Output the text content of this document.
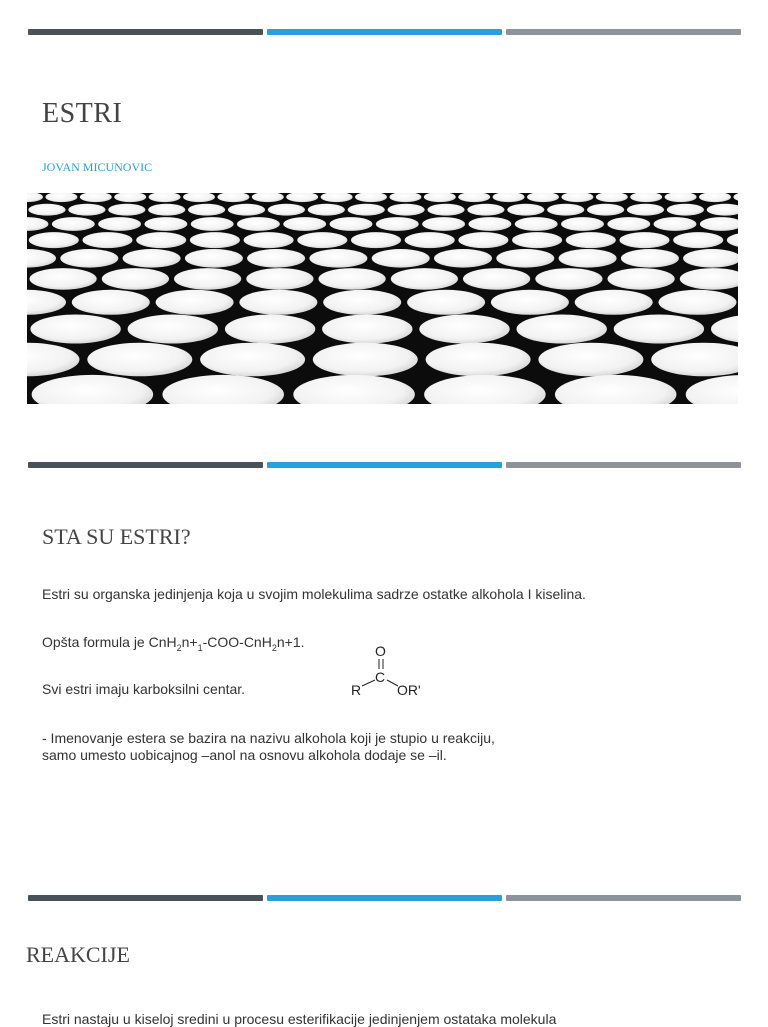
ESTRI
JOVAN MICUNOVIC
STA SU ESTRI?
Estri su organska jedinjenja koja u svojim molekulima sadrze ostatke alkohola I kiselina.
Opšta formula je $CnH_2n+_1-COO-CnH_2n+1$.
Svi estri imaju karboksilni centar.
O
C
R	OR'
- Imenovanje estera se bazira na nazivu alkohola koji je stupio u reakciju,
samo umesto uobicajnog –anol na osnovu alkohola dodaje se –il.
REAKCIJE
Estri nastaju u kiseloj sredini u procesu esterifikacije jedinjenjem ostataka molekula
